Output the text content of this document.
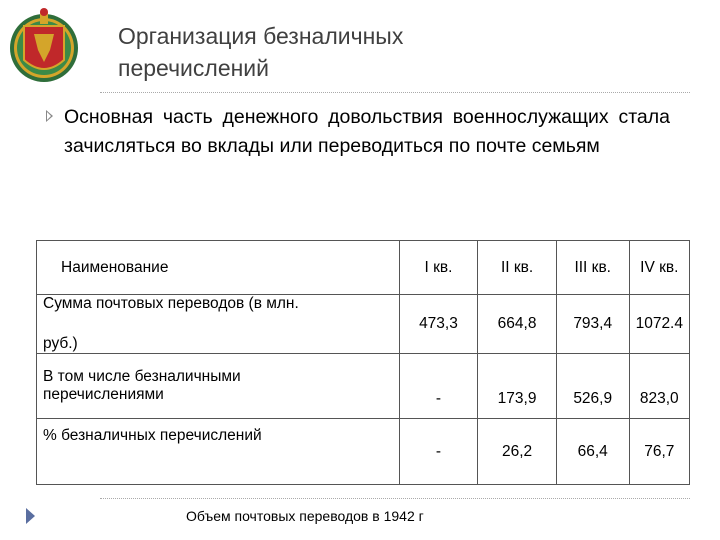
Организация безналичных
перечислений
Основная часть денежного довольствия военнослужащих стала зачисляться во вклады или переводиться по почте семьям
Наименование	I кв.	II кв.	III кв.	IV кв.

Сумма почтовых переводов (в млн.
руб.)	473,3	664,8	793,4	1072.4

В том числе безналичными
перечислениями	-	173,9	526,9	823,0

% безналичных перечислений	-	26,2	66,4	76,7
Объем почтовых переводов в 1942 г
